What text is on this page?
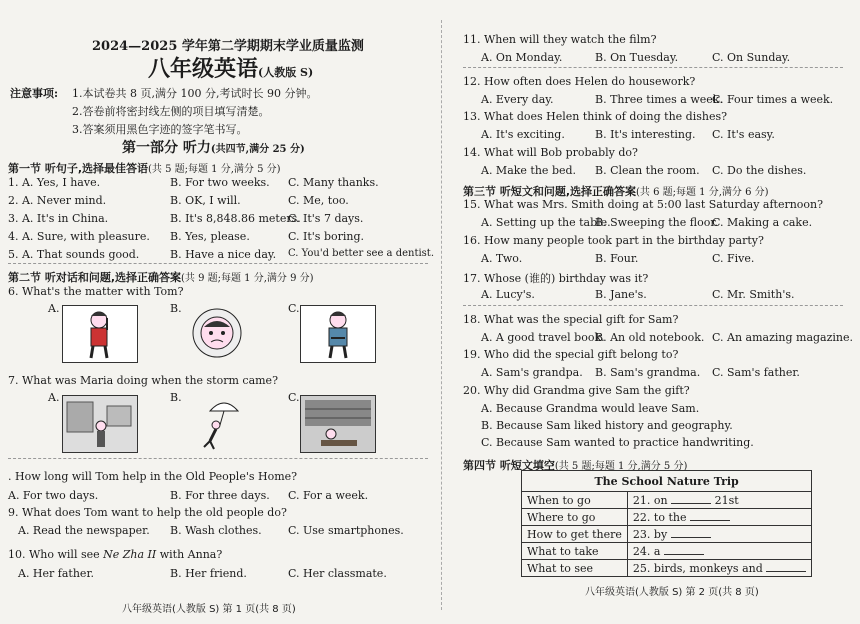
2024—2025 学年第二学期期末学业质量监测
八年级英语(人教版 S)
注意事项: 1.本试卷共 8 页,满分 100 分,考试时长 90 分钟。
2.答卷前将密封线左侧的项目填写清楚。
3.答案须用黑色字迹的签字笔书写。
第一部分 听力(共四节,满分 25 分)
第一节 听句子,选择最佳答语(共 5 题;每题 1 分,满分 5 分)
1. A. Yes, I have.	B. For two weeks. C. Many thanks.
2. A. Never mind.	B. OK, I will.	C. Me, too.
3. A. It's in China.	B. It's 8,848.86 meters.
C. It's 7 days.
4. A. Sure, with pleasure. B. Yes, please.	C. It's boring.
5. A. That sounds good.	B. Have a nice day. C. You'd better see a dentist.
第二节 听对话和问题,选择正确答案(共 9 题;每题 1 分,满分 9 分)
6. What's the matter with Tom?
A.	B.	C.
7. What was Maria doing when the storm came?
A.	B.	C.
. How long will Tom help in the Old People's Home?
A. For two days.	B. For three days. C. For a week.
9. What does Tom want to help the old people do?
A. Read the newspaper. B. Wash clothes. C. Use smartphones.
10. Who will see Ne Zha II with Anna?
A. Her father.	B. Her friend.	C. Her classmate.
八年级英语(人教版 S) 第 1 页(共 8 页)
11. When will they watch the film?
A. On Monday.	B. On Tuesday.	C. On Sunday.
12. How often does Helen do housework?
A. Every day.	B. Three times a week.
C. Four times a week.
13. What does Helen think of doing the dishes?
A. It's exciting.	B. It's interesting. C. It's easy.
14. What will Bob probably do?
A. Make the bed. B. Clean the room. C. Do the dishes.
第三节 听短文和问题,选择正确答案(共 6 题;每题 1 分,满分 6 分)
15. What was Mrs. Smith doing at 5:00 last Saturday afternoon?
A. Setting up the table.
B. Sweeping the floor.
C. Making a cake.
16. How many people took part in the birthday party?
A. Two.	B. Four.	C. Five.
17. Whose (谁的) birthday was it?
A. Lucy's.	B. Jane's.	C. Mr. Smith's.
18. What was the special gift for Sam?
A. A good travel book.
B. An old notebook. C. An amazing magazine.
19. Who did the special gift belong to?
A. Sam's grandpa. B. Sam's grandma. C. Sam's father.
20. Why did Grandma give Sam the gift?
A. Because Grandma would leave Sam.
B. Because Sam liked history and geography.
C. Because Sam wanted to practice handwriting.
第四节 听短文填空(共 5 题;每题 1 分,满分 5 分)
The School Nature Trip	
When to go	21. on 21st
Where to go	22. to the
How to get there	23. by
What to take	24. a
What to see	25. birds, monkeys and
八年级英语(人教版 S) 第 2 页(共 8 页)
